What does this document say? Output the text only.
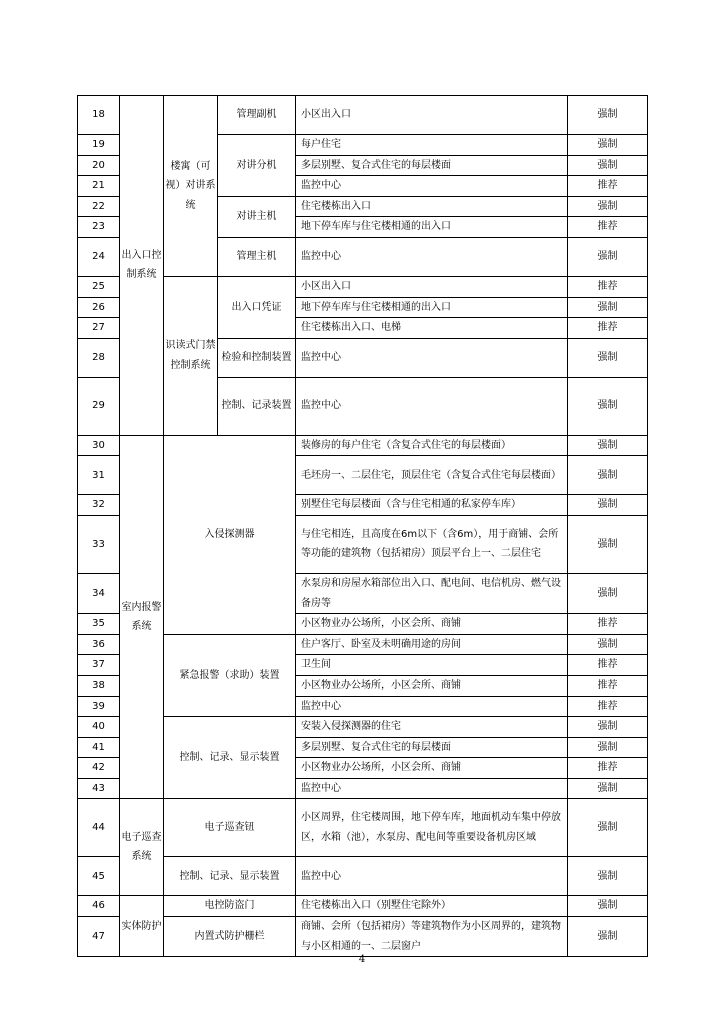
18	出入口控制系统	楼寓（可视）对讲系统	管理副机	小区出入口	强制
19			对讲分机	每户住宅	强制
20				多层别墅、复合式住宅的每层楼面	强制
21				监控中心	推荐
22			对讲主机	住宅楼栋出入口	强制
23				地下停车库与住宅楼相通的出入口	推荐
24			管理主机	监控中心	强制
25		识读式门禁控制系统	出入口凭证	小区出入口	推荐
26				地下停车库与住宅楼相通的出入口	强制
27				住宅楼栋出入口、电梯	推荐
28			检验和控制装置	监控中心	强制
29			控制、记录装置	监控中心	强制
30	室内报警系统	入侵探测器		装修房的每户住宅（含复合式住宅的每层楼面）	强制
31				毛坯房一、二层住宅，顶层住宅（含复合式住宅每层楼面）	强制
32				别墅住宅每层楼面（含与住宅相通的私家停车库）	强制
33				与住宅相连，且高度在6m以下（含6m），用于商铺、会所等功能的建筑物（包括裙房）顶层平台上一、二层住宅	强制
34				水泵房和房屋水箱部位出入口、配电间、电信机房、燃气设备房等	强制
35				小区物业办公场所，小区会所、商铺	推荐
36		紧急报警（求助）装置		住户客厅、卧室及未明确用途的房间	强制
37				卫生间	推荐
38				小区物业办公场所，小区会所、商铺	推荐
39				监控中心	推荐
40		控制、记录、显示装置		安装入侵探测器的住宅	强制
41				多层别墅、复合式住宅的每层楼面	强制
42				小区物业办公场所，小区会所、商铺	推荐
43				监控中心	强制
44	电子巡查系统	电子巡查钮		小区周界，住宅楼周围，地下停车库，地面机动车集中停放区，水箱（池），水泵房、配电间等重要设备机房区域	强制
45		控制、记录、显示装置		监控中心	强制
46	实体防护	电控防盗门		住宅楼栋出入口（别墅住宅除外）	强制
47		内置式防护栅栏		商铺、会所（包括裙房）等建筑物作为小区周界的，建筑物与小区相通的一、二层窗户	强制
4
